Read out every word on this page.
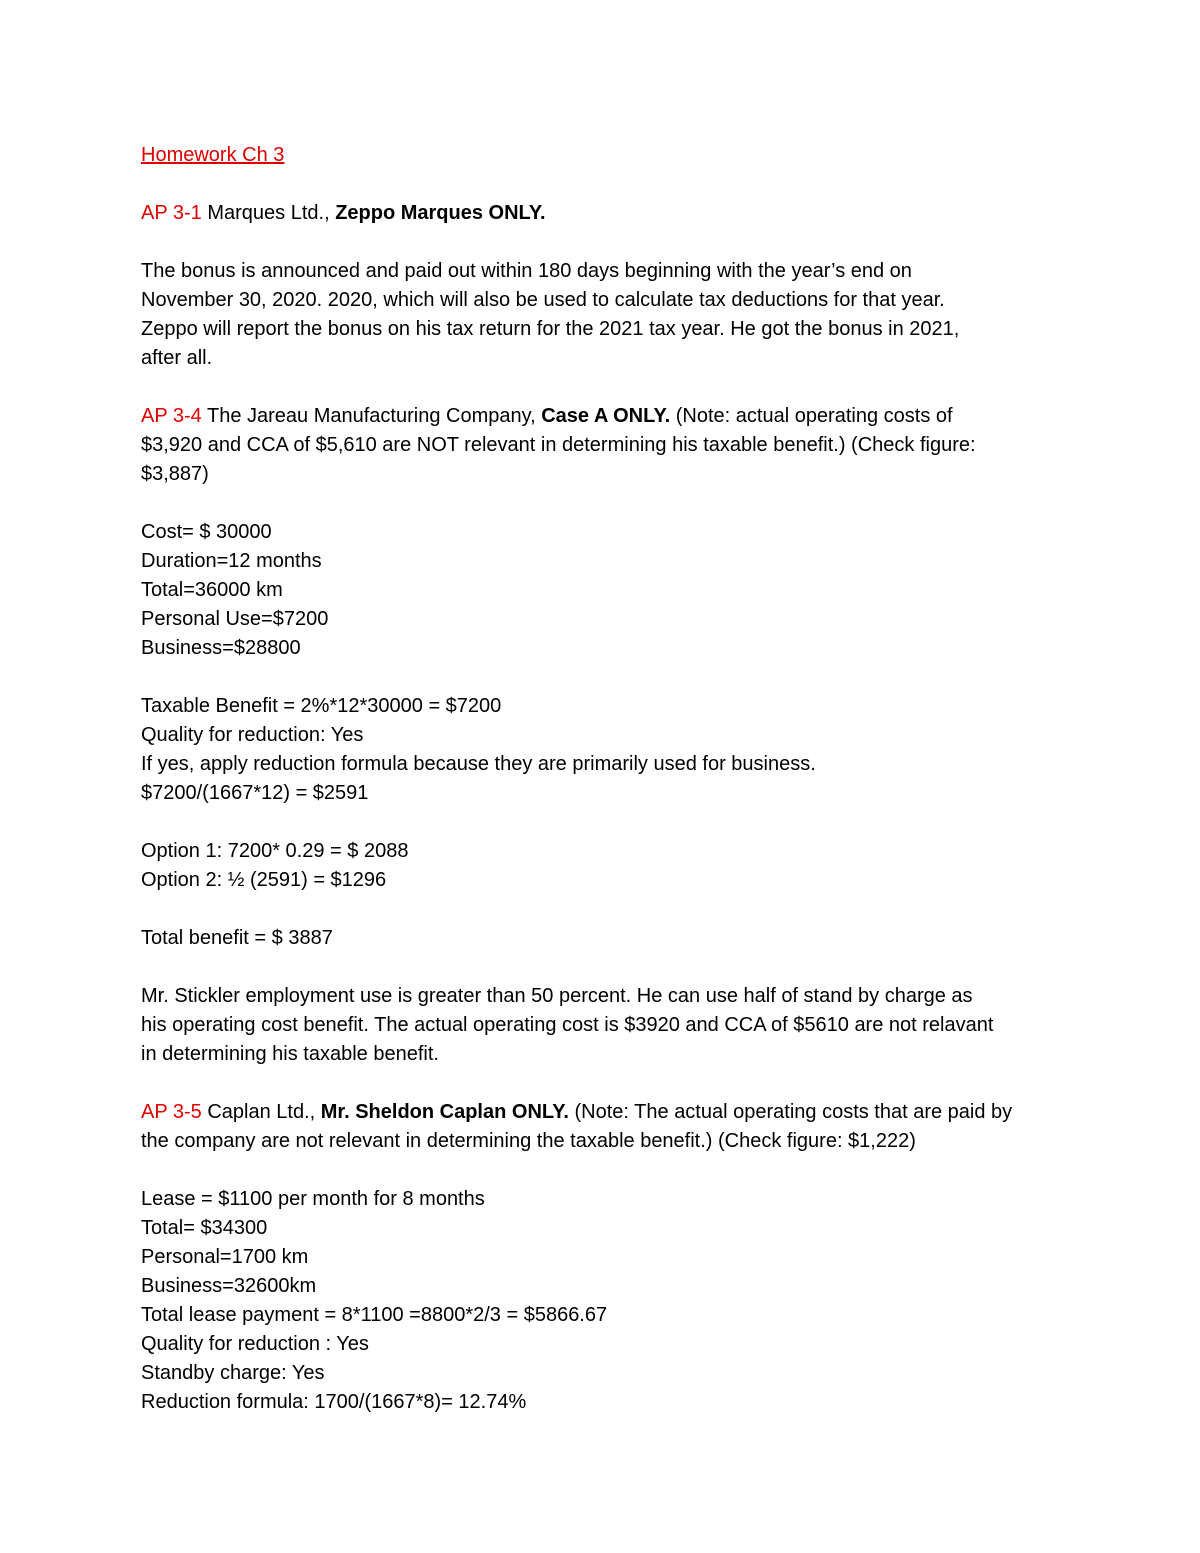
Homework Ch 3

AP 3-1 Marques Ltd., Zeppo Marques ONLY.

The bonus is announced and paid out within 180 days beginning with the year’s end on

November 30, 2020. 2020, which will also be used to calculate tax deductions for that year.

Zeppo will report the bonus on his tax return for the 2021 tax year. He got the bonus in 2021,

after all.

AP 3-4 The Jareau Manufacturing Company, Case A ONLY. (Note: actual operating costs of

$3,920 and CCA of $5,610 are NOT relevant in determining his taxable benefit.) (Check figure:

$3,887)

Cost= $ 30000

Duration=12 months

Total=36000 km

Personal Use=$7200

Business=$28800

Taxable Benefit = 2%*12*30000 = $7200

Quality for reduction: Yes

If yes, apply reduction formula because they are primarily used for business.

$7200/(1667*12) = $2591

Option 1: 7200* 0.29 = $ 2088

Option 2: ½ (2591) = $1296

Total benefit = $ 3887

Mr. Stickler employment use is greater than 50 percent. He can use half of stand by charge as

his operating cost benefit. The actual operating cost is $3920 and CCA of $5610 are not relavant

in determining his taxable benefit.

AP 3-5 Caplan Ltd., Mr. Sheldon Caplan ONLY. (Note: The actual operating costs that are paid by

the company are not relevant in determining the taxable benefit.) (Check figure: $1,222)

Lease = $1100 per month for 8 months

Total= $34300

Personal=1700 km

Business=32600km

Total lease payment = 8*1100 =8800*2/3 = $5866.67

Quality for reduction : Yes

Standby charge: Yes

Reduction formula: 1700/(1667*8)= 12.74%
